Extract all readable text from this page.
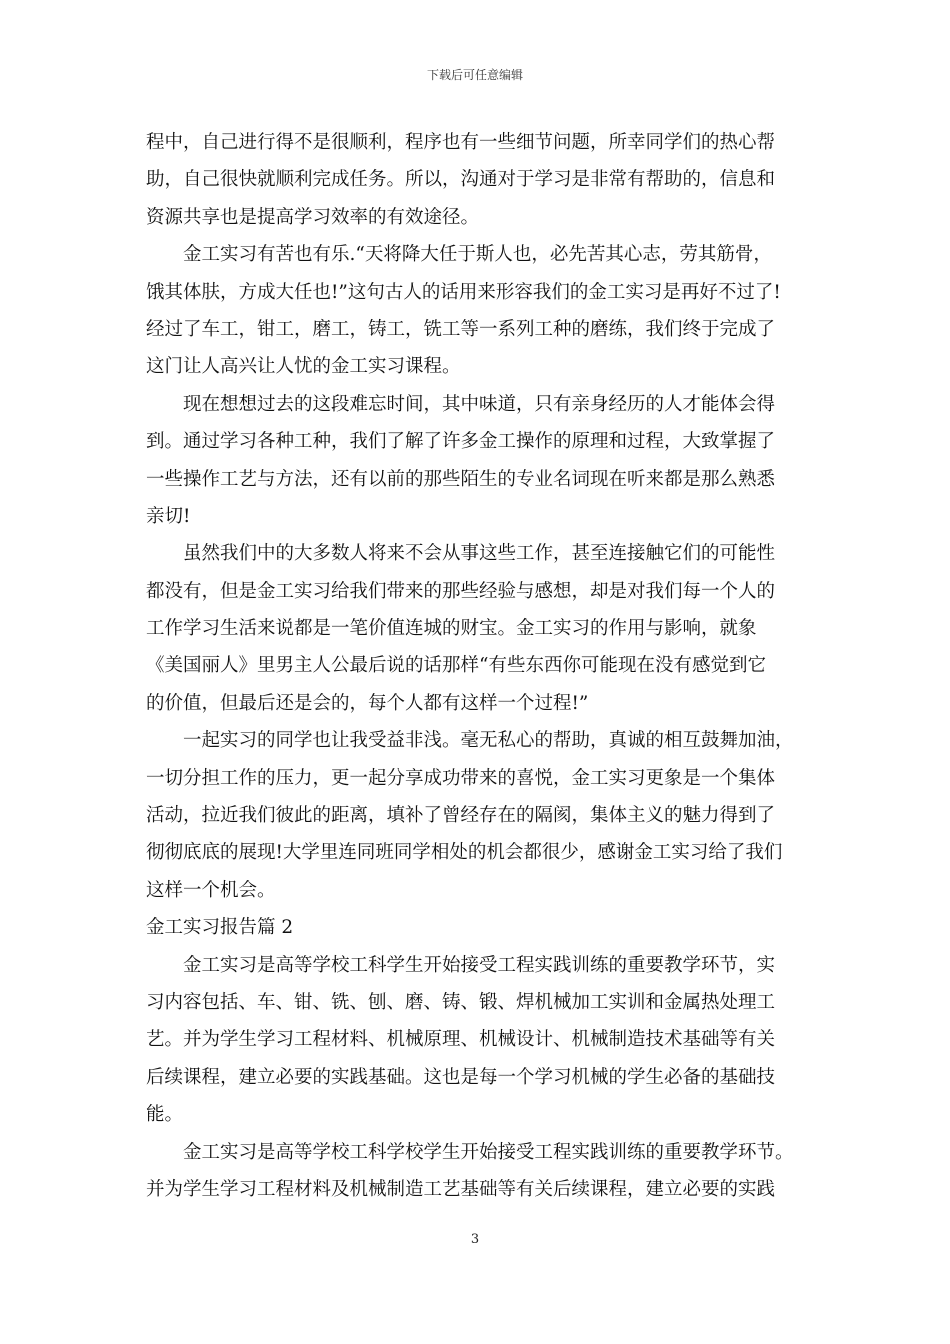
下载后可任意编辑
程中，自己进行得不是很顺利，程序也有一些细节问题，所幸同学们的热心帮
助，自己很快就顺利完成任务。所以，沟通对于学习是非常有帮助的，信息和
资源共享也是提高学习效率的有效途径。
金工实习有苦也有乐.“天将降大任于斯人也，必先苦其心志，劳其筋骨，
饿其体肤，方成大任也!”这句古人的话用来形容我们的金工实习是再好不过了!
经过了车工，钳工，磨工，铸工，铣工等一系列工种的磨练，我们终于完成了
这门让人高兴让人忧的金工实习课程。
现在想想过去的这段难忘时间，其中味道，只有亲身经历的人才能体会得
到。通过学习各种工种，我们了解了许多金工操作的原理和过程，大致掌握了
一些操作工艺与方法，还有以前的那些陌生的专业名词现在听来都是那么熟悉
亲切!
虽然我们中的大多数人将来不会从事这些工作，甚至连接触它们的可能性
都没有，但是金工实习给我们带来的那些经验与感想，却是对我们每一个人的
工作学习生活来说都是一笔价值连城的财宝。金工实习的作用与影响，就象
《美国丽人》里男主人公最后说的话那样“有些东西你可能现在没有感觉到它
的价值，但最后还是会的，每个人都有这样一个过程!”
一起实习的同学也让我受益非浅。毫无私心的帮助，真诚的相互鼓舞加油，
一切分担工作的压力，更一起分享成功带来的喜悦，金工实习更象是一个集体
活动，拉近我们彼此的距离，填补了曾经存在的隔阂，集体主义的魅力得到了
彻彻底底的展现!大学里连同班同学相处的机会都很少，感谢金工实习给了我们
这样一个机会。
金工实习报告篇 2
金工实习是高等学校工科学生开始接受工程实践训练的重要教学环节，实
习内容包括、车、钳、铣、刨、磨、铸、锻、焊机械加工实训和金属热处理工
艺。并为学生学习工程材料、机械原理、机械设计、机械制造技术基础等有关
后续课程，建立必要的实践基础。这也是每一个学习机械的学生必备的基础技
能。
金工实习是高等学校工科学校学生开始接受工程实践训练的重要教学环节。
并为学生学习工程材料及机械制造工艺基础等有关后续课程，建立必要的实践
3
